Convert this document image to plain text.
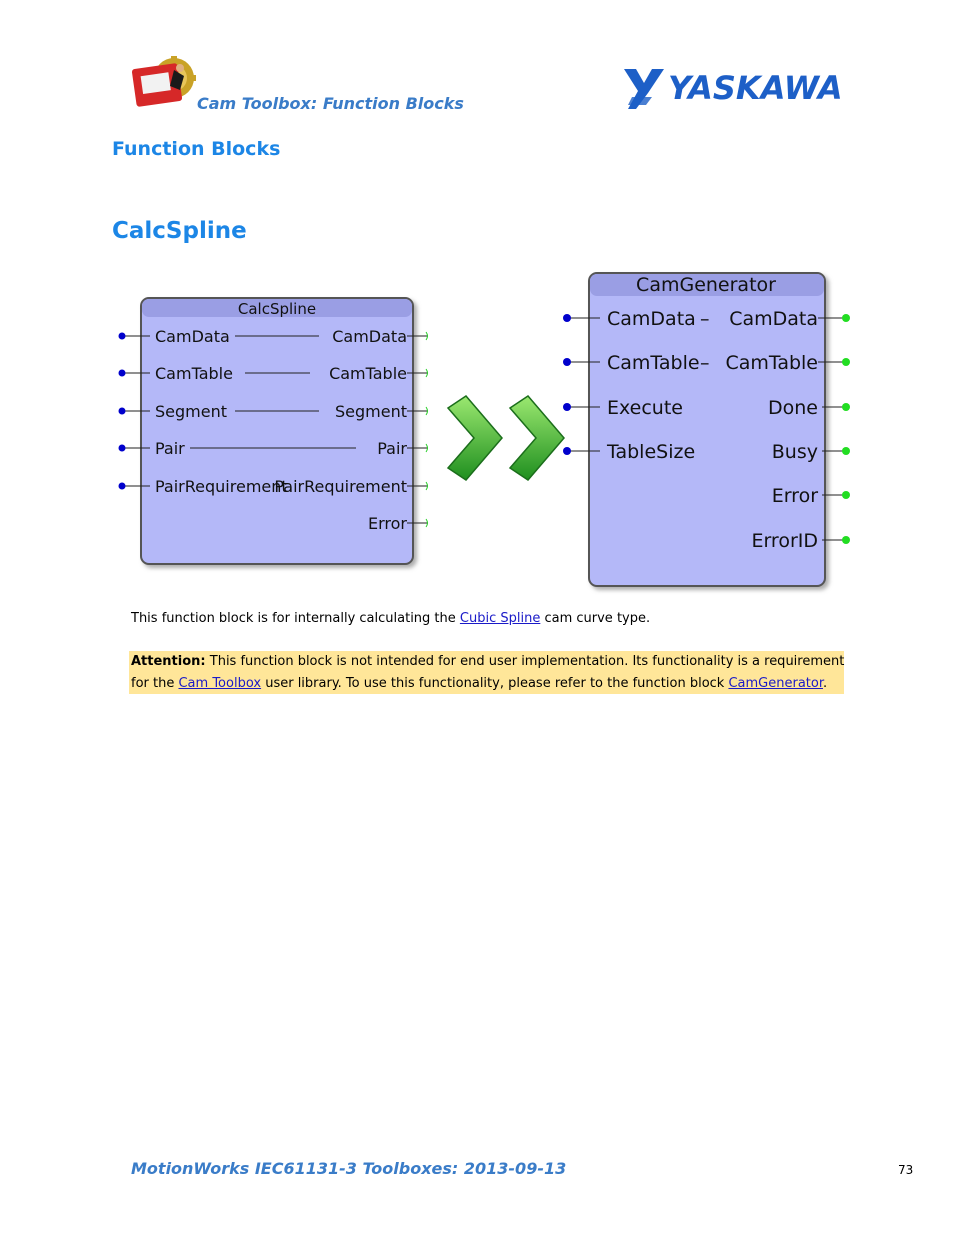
Cam Toolbox: Function Blocks	YASKAWA
Function Blocks
CalcSpline
CalcSpline
CamData
CamTable
Segment
Pair
PairRequirement
CamData
CamTable
Segment
Pair
PairRequirement
Error
CamGenerator
CamData –
CamTable –
Execute
TableSize
CamData
CamTable
Done
Busy
Error
ErrorID
This function block is for internally calculating the Cubic Spline cam curve type.
Attention: This function block is not intended for end user implementation. Its functionality is a requirement
for the Cam Toolbox user library. To use this functionality, please refer to the function block CamGenerator.
MotionWorks IEC61131-3 Toolboxes: 2013-09-13	73
